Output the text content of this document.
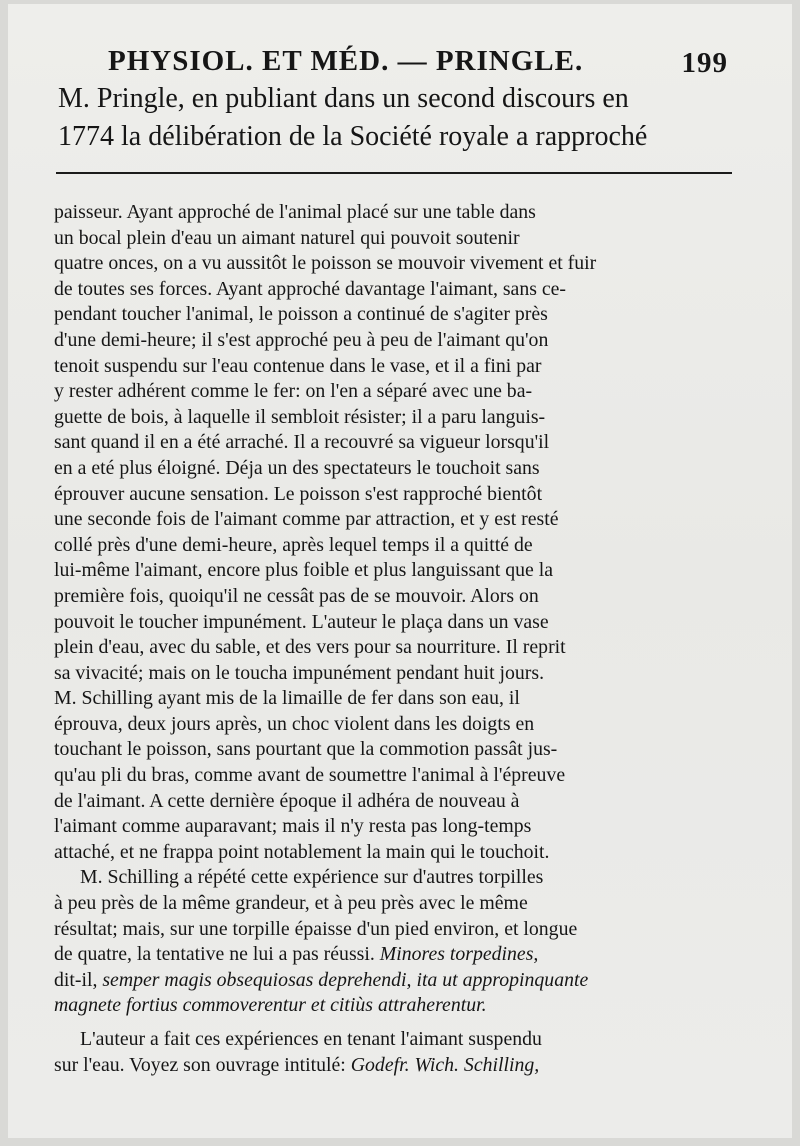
PHYSIOL. ET MÉD. — PRINGLE.	199
M. Pringle, en publiant dans un second discours en
1774 la délibération de la Société royale a rapproché
paisseur. Ayant approché de l'animal placé sur une table dans
un bocal plein d'eau un aimant naturel qui pouvoit soutenir
quatre onces, on a vu aussitôt le poisson se mouvoir vivement et fuir
de toutes ses forces. Ayant approché davantage l'aimant, sans ce-
pendant toucher l'animal, le poisson a continué de s'agiter près
d'une demi-heure; il s'est approché peu à peu de l'aimant qu'on
tenoit suspendu sur l'eau contenue dans le vase, et il a fini par
y rester adhérent comme le fer: on l'en a séparé avec une ba-
guette de bois, à laquelle il sembloit résister; il a paru languis-
sant quand il en a été arraché. Il a recouvré sa vigueur lorsqu'il
en a eté plus éloigné. Déja un des spectateurs le touchoit sans
éprouver aucune sensation. Le poisson s'est rapproché bientôt
une seconde fois de l'aimant comme par attraction, et y est resté
collé près d'une demi-heure, après lequel temps il a quitté de
lui-même l'aimant, encore plus foible et plus languissant que la
première fois, quoiqu'il ne cessât pas de se mouvoir. Alors on
pouvoit le toucher impunément. L'auteur le plaça dans un vase
plein d'eau, avec du sable, et des vers pour sa nourriture. Il reprit
sa vivacité; mais on le toucha impunément pendant huit jours.
M. Schilling ayant mis de la limaille de fer dans son eau, il
éprouva, deux jours après, un choc violent dans les doigts en
touchant le poisson, sans pourtant que la commotion passât jus-
qu'au pli du bras, comme avant de soumettre l'animal à l'épreuve
de l'aimant. A cette dernière époque il adhéra de nouveau à
l'aimant comme auparavant; mais il n'y resta pas long-temps
attaché, et ne frappa point notablement la main qui le touchoit.
M. Schilling a répété cette expérience sur d'autres torpilles
à peu près de la même grandeur, et à peu près avec le même
résultat; mais, sur une torpille épaisse d'un pied environ, et longue
de quatre, la tentative ne lui a pas réussi. Minores torpedines,
dit-il, semper magis obsequiosas deprehendi, ita ut appropinquante
magnete fortius commoverentur et citiùs attraherentur.
L'auteur a fait ces expériences en tenant l'aimant suspendu
sur l'eau. Voyez son ouvrage intitulé: Godefr. Wich. Schilling,
